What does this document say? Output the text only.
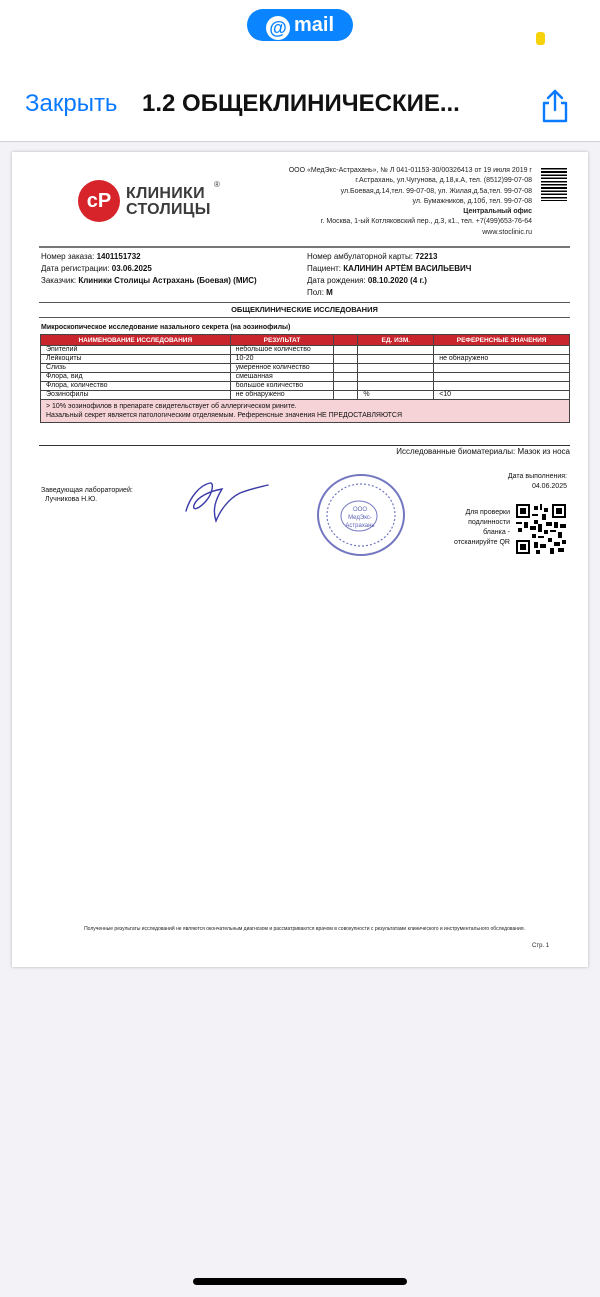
@ mail
Закрыть 1.2 ОБЩЕКЛИНИЧЕСКИЕ...
cP КЛИНИКИ
СТОЛИЦЫ
®
ООО «МедЭкс-Астрахань», № Л 041-01153-30/00326413 от 19 июля 2019 г
г.Астрахань, ул.Чугунова, д.18,к.А, тел. (8512)99-07-08
ул.Боевая,д.14,тел. 99-07-08, ул. Жилая,д.5а,тел. 99-07-08
ул. Бумажников, д.10б, тел. 99-07-08
Центральный офис
г. Москва, 1-ый Котляковский пер., д.3, к1., тел. +7(499)653-76-64
www.stoclinic.ru
Номер заказа: 1401151732
Дата регистрации: 03.06.2025
Заказчик: Клиники Столицы Астрахань (Боевая) (МИС)
Номер амбулаторной карты: 72213
Пациент: КАЛИНИН АРТЁМ ВАСИЛЬЕВИЧ
Дата рождения: 08.10.2020 (4 г.)
Пол: М
ОБЩЕКЛИНИЧЕСКИЕ ИССЛЕДОВАНИЯ
Микроскопическое исследование назального секрета (на эозинофилы)
НАИМЕНОВАНИЕ ИССЛЕДОВАНИЯ	РЕЗУЛЬТАТ		ЕД. ИЗМ.	РЕФЕРЕНСНЫЕ ЗНАЧЕНИЯ
Эпителий	небольшое количество			
Лейкоциты	10-20			не обнаружено
Слизь	умеренное количество			
Флора, вид	смешанная			
Флора, количество	большое количество			
Эозинофилы	не обнаружено		%	<10

> 10% эозинофилов в препарате свидетельствует об аллергическом рините.
Назальный секрет является патологическим отделяемым. Референсные значения НЕ ПРЕДОСТАВЛЯЮТСЯ				
Исследованные биоматериалы: Мазок из носа
Дата выполнения:
04.06.2025
Заведующая лабораторией:
Лучникова Н.Ю.
ООО МедЭкс-Астрахань
Для проверки
подлинности
бланка -
отсканируйте QR
Полученные результаты исследований не являются окончательным диагнозом и рассматриваются врачом в совокупности с результатами клинического и инструментального обследования.
Стр. 1
